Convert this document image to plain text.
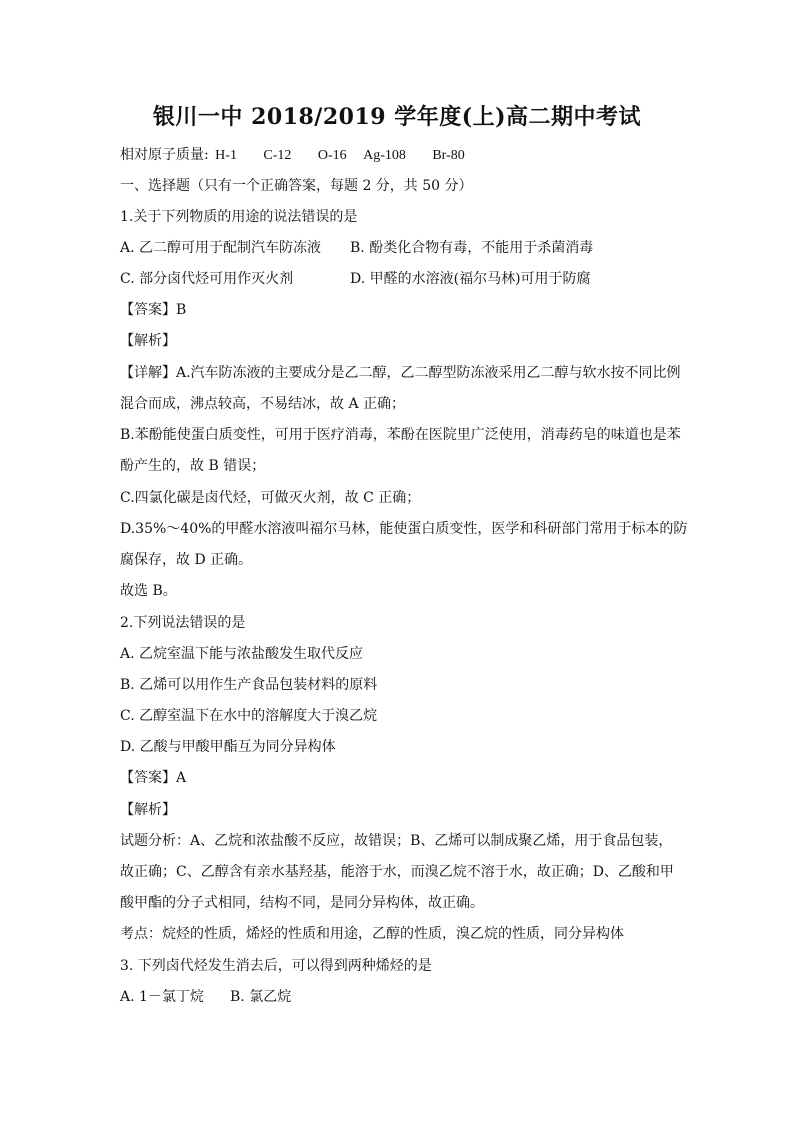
银川一中 2018/2019 学年度(上)高二期中考试
相对原子质量: H-1 C-12 O-16 Ag-108 Br-80
一、选择题（只有一个正确答案，每题 2 分，共 50 分）
1.关于下列物质的用途的说法错误的是
A. 乙二醇可用于配制汽车防冻液 B. 酚类化合物有毒，不能用于杀菌消毒
C. 部分卤代烃可用作灭火剂	D. 甲醛的水溶液(福尔马林)可用于防腐
【答案】B
【解析】
【详解】A.汽车防冻液的主要成分是乙二醇，乙二醇型防冻液采用乙二醇与软水按不同比例
混合而成，沸点较高，不易结冰，故 A 正确；
B.苯酚能使蛋白质变性，可用于医疗消毒，苯酚在医院里广泛使用，消毒药皂的味道也是苯
酚产生的，故 B 错误；
C.四氯化碳是卤代烃，可做灭火剂，故 C 正确；
D.35%～40%的甲醛水溶液叫福尔马林，能使蛋白质变性，医学和科研部门常用于标本的防
腐保存，故 D 正确。
故选 B。
2.下列说法错误的是
A. 乙烷室温下能与浓盐酸发生取代反应
B. 乙烯可以用作生产食品包装材料的原料
C. 乙醇室温下在水中的溶解度大于溴乙烷
D. 乙酸与甲酸甲酯互为同分异构体
【答案】A
【解析】
试题分析：A、乙烷和浓盐酸不反应，故错误；B、乙烯可以制成聚乙烯，用于食品包装，
故正确；C、乙醇含有亲水基羟基，能溶于水，而溴乙烷不溶于水，故正确；D、乙酸和甲
酸甲酯的分子式相同，结构不同，是同分异构体，故正确。
考点：烷烃的性质，烯烃的性质和用途，乙醇的性质，溴乙烷的性质，同分异构体
3. 下列卤代烃发生消去后，可以得到两种烯烃的是
A. 1－氯丁烷 B. 氯乙烷
